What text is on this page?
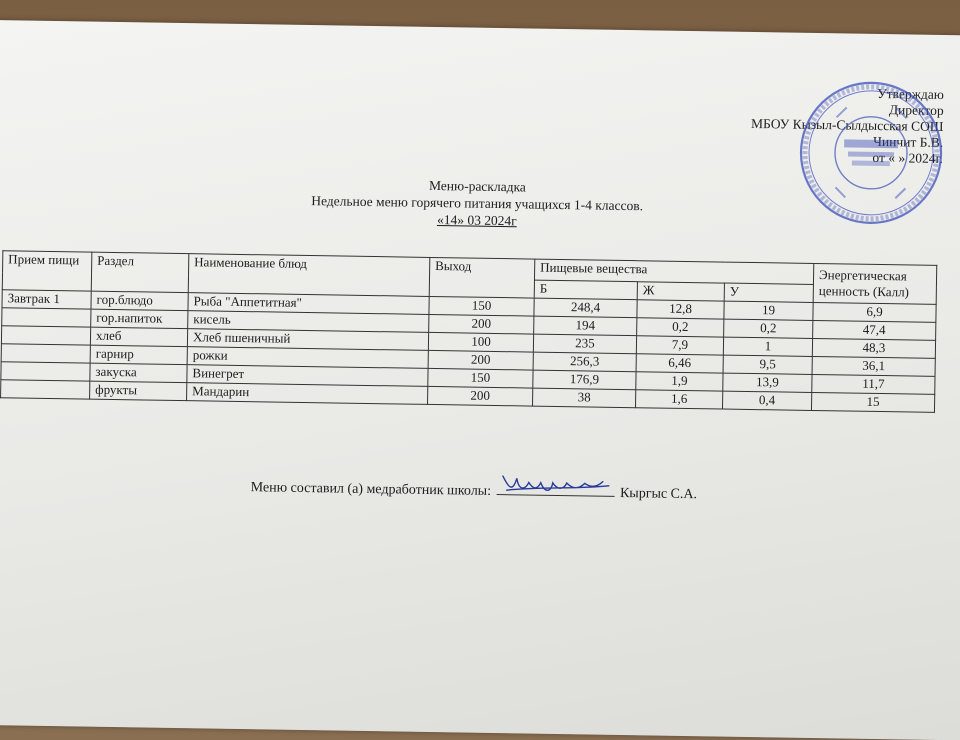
Утверждаю
Директор
МБОУ Кызыл-Сылдысская СОШ
Чинчит Б.В.
от « » 2024г.
Меню-раскладка
Недельное меню горячего питания учащихся 1-4 классов.
«14» 03 2024г
Прием пищи	Раздел	Наименование блюд	Выход	Пищевые вещества			Энергетическая ценность (Калл)
				Б	Ж	У	
Завтрак 1	гор.блюдо	Рыба "Аппетитная"	150	248,4	12,8	19	6,9
	гор.напиток	кисель	200	194	0,2	0,2	47,4
	хлеб	Хлеб пшеничный	100	235	7,9	1	48,3
	гарнир	рожки	200	256,3	6,46	9,5	36,1
	закуска	Винегрет	150	176,9	1,9	13,9	11,7
	фрукты	Мандарин	200	38	1,6	0,4	15
Меню составил (а) медработник школы:	Кыргыс С.А.
